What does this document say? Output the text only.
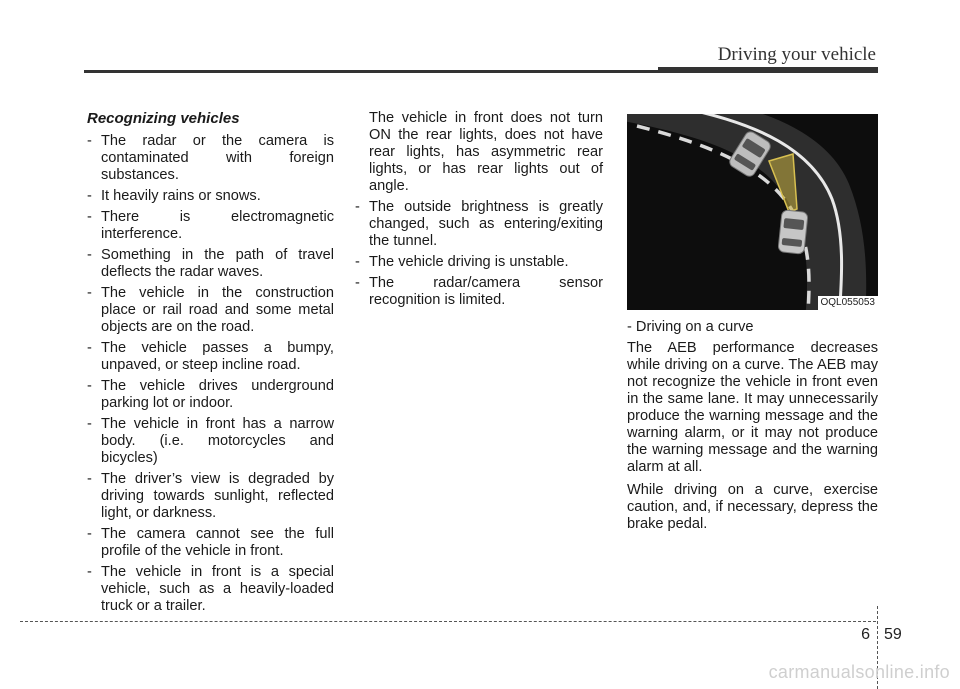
Driving your vehicle
Recognizing vehicles
- The radar or the camera is contaminated with foreign substances.
- It heavily rains or snows.
- There is electromagnetic interference.
- Something in the path of travel deflects the radar waves.
- The vehicle in the construction place or rail road and some metal objects are on the road.
- The vehicle passes a bumpy, unpaved, or steep incline road.
- The vehicle drives underground parking lot or indoor.
- The vehicle in front has a narrow body. (i.e. motorcycles and bicycles)
- The driver’s view is degraded by driving towards sunlight, reflected light, or darkness.
- The camera cannot see the full profile of the vehicle in front.
- The vehicle in front is a special vehicle, such as a heavily-loaded truck or a trailer.
The vehicle in front does not turn ON the rear lights, does not have rear lights, has asymmetric rear lights, or has rear lights out of angle.
- The outside brightness is greatly changed, such as entering/exiting the tunnel.
- The vehicle driving is unstable.
- The radar/camera sensor recognition is limited.	OQL055053
- Driving on a curve
The AEB performance decreases while driving on a curve. The AEB may not recognize the vehicle in front even in the same lane. It may unnecessarily produce the warning message and the warning alarm, or it may not produce the warning message and the warning alarm at all.
While driving on a curve, exercise caution, and, if necessary, depress the brake pedal.
6 59
carmanualsonline.info
